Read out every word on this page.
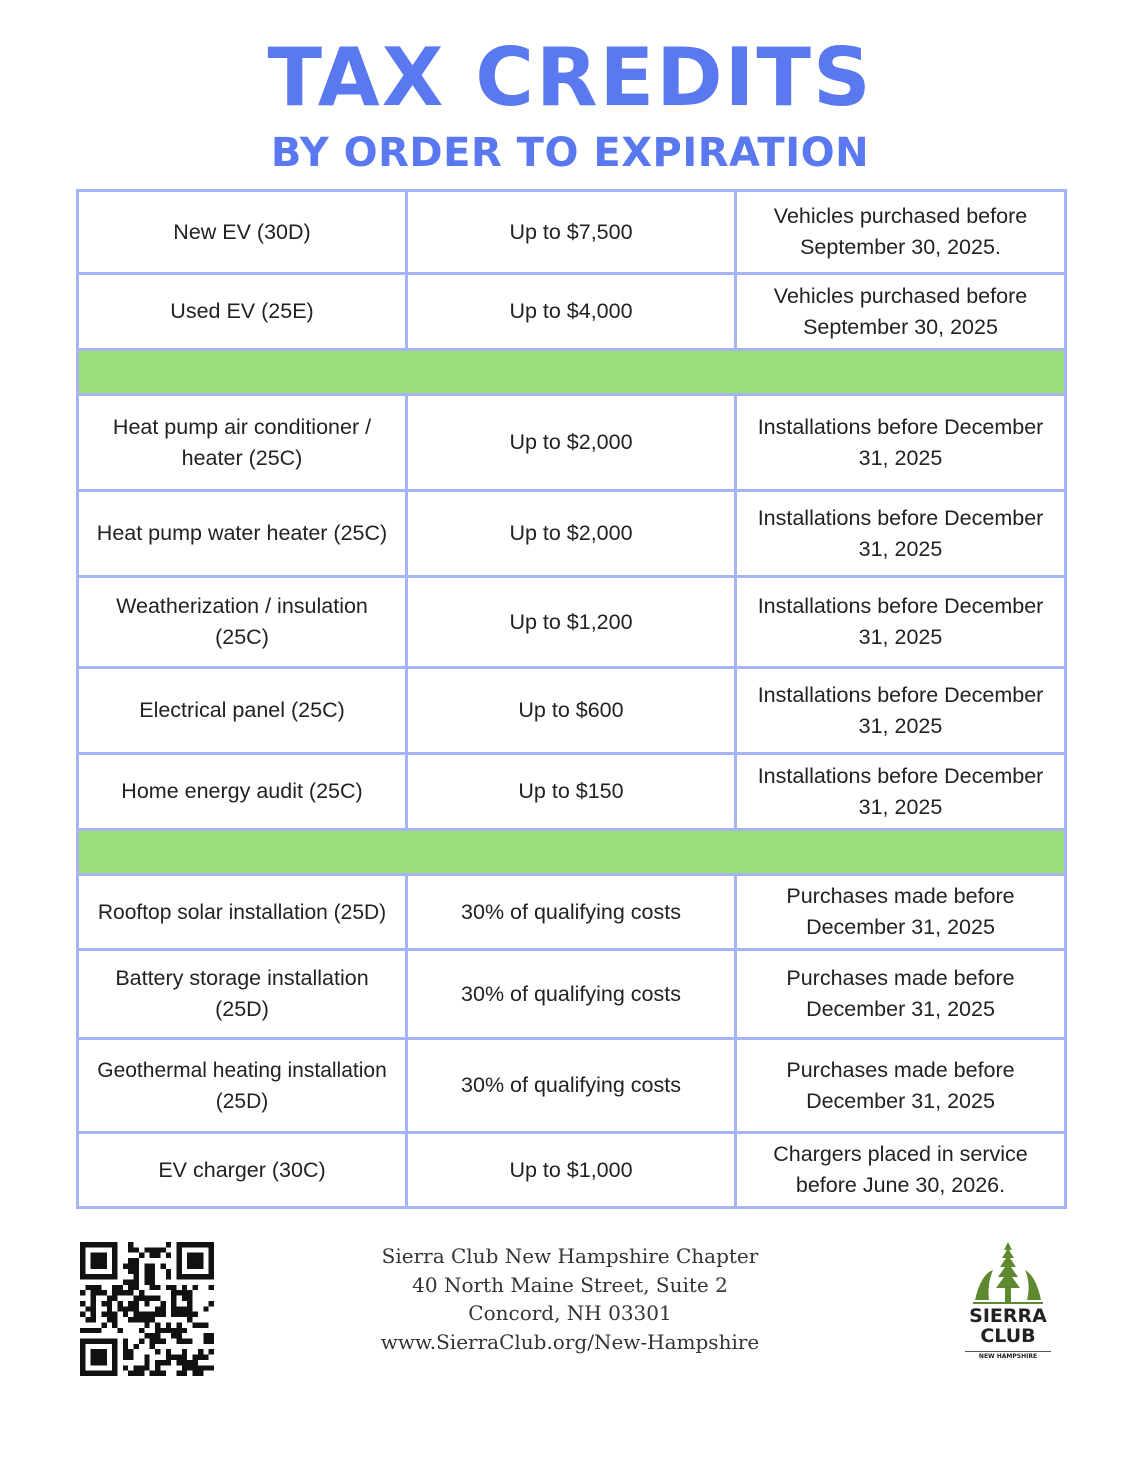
TAX CREDITS
BY ORDER TO EXPIRATION
New EV (30D)	Up to $7,500	Vehicles purchased before September 30, 2025.
Used EV (25E)	Up to $4,000	Vehicles purchased before September 30, 2025

Heat pump air conditioner / heater (25C)	Up to $2,000	Installations before December 31, 2025
Heat pump water heater (25C)	Up to $2,000	Installations before December 31, 2025
Weatherization / insulation (25C)	Up to $1,200	Installations before December 31, 2025
Electrical panel (25C)	Up to $600	Installations before December 31, 2025
Home energy audit (25C)	Up to $150	Installations before December 31, 2025

Rooftop solar installation (25D)	30% of qualifying costs	Purchases made before December 31, 2025
Battery storage installation (25D)	30% of qualifying costs	Purchases made before December 31, 2025
Geothermal heating installation (25D)	30% of qualifying costs	Purchases made before December 31, 2025
EV charger (30C)	Up to $1,000	Chargers placed in service before June 30, 2026.
Sierra Club New Hampshire Chapter
40 North Maine Street, Suite 2
Concord, NH 03301
www.SierraClub.org/New-Hampshire
SIERRA
CLUB
NEW HAMPSHIRE
